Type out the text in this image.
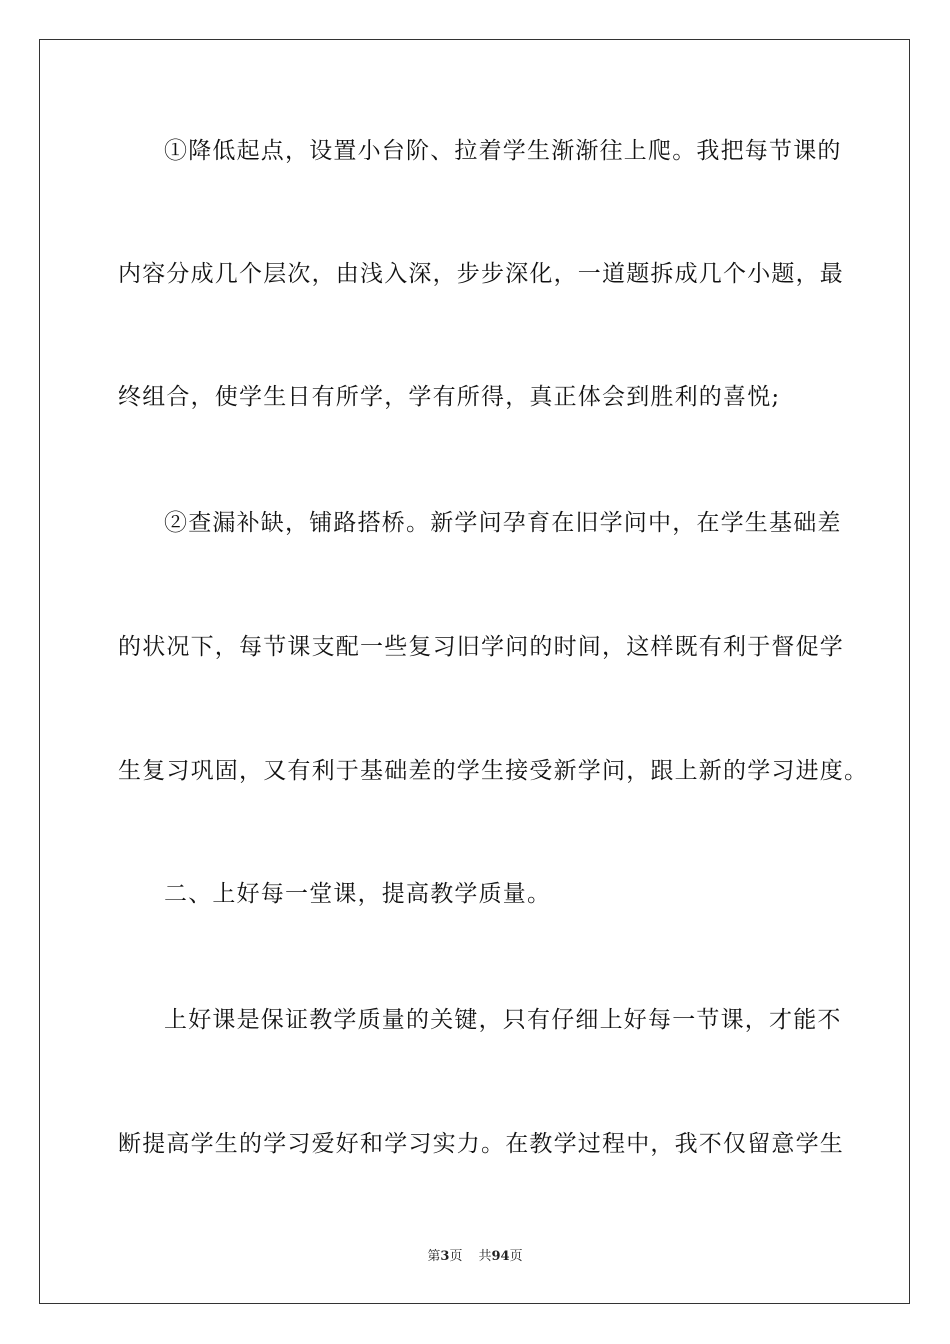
①降低起点，设置小台阶、拉着学生渐渐往上爬。我把每节课的
内容分成几个层次，由浅入深，步步深化，一道题拆成几个小题，最
终组合，使学生日有所学，学有所得，真正体会到胜利的喜悦;
②查漏补缺，铺路搭桥。新学问孕育在旧学问中，在学生基础差
的状况下，每节课支配一些复习旧学问的时间，这样既有利于督促学
生复习巩固，又有利于基础差的学生接受新学问，跟上新的学习进度。
二、上好每一堂课，提高教学质量。
上好课是保证教学质量的关键，只有仔细上好每一节课，才能不
断提高学生的学习爱好和学习实力。在教学过程中，我不仅留意学生
第3页 共94页
